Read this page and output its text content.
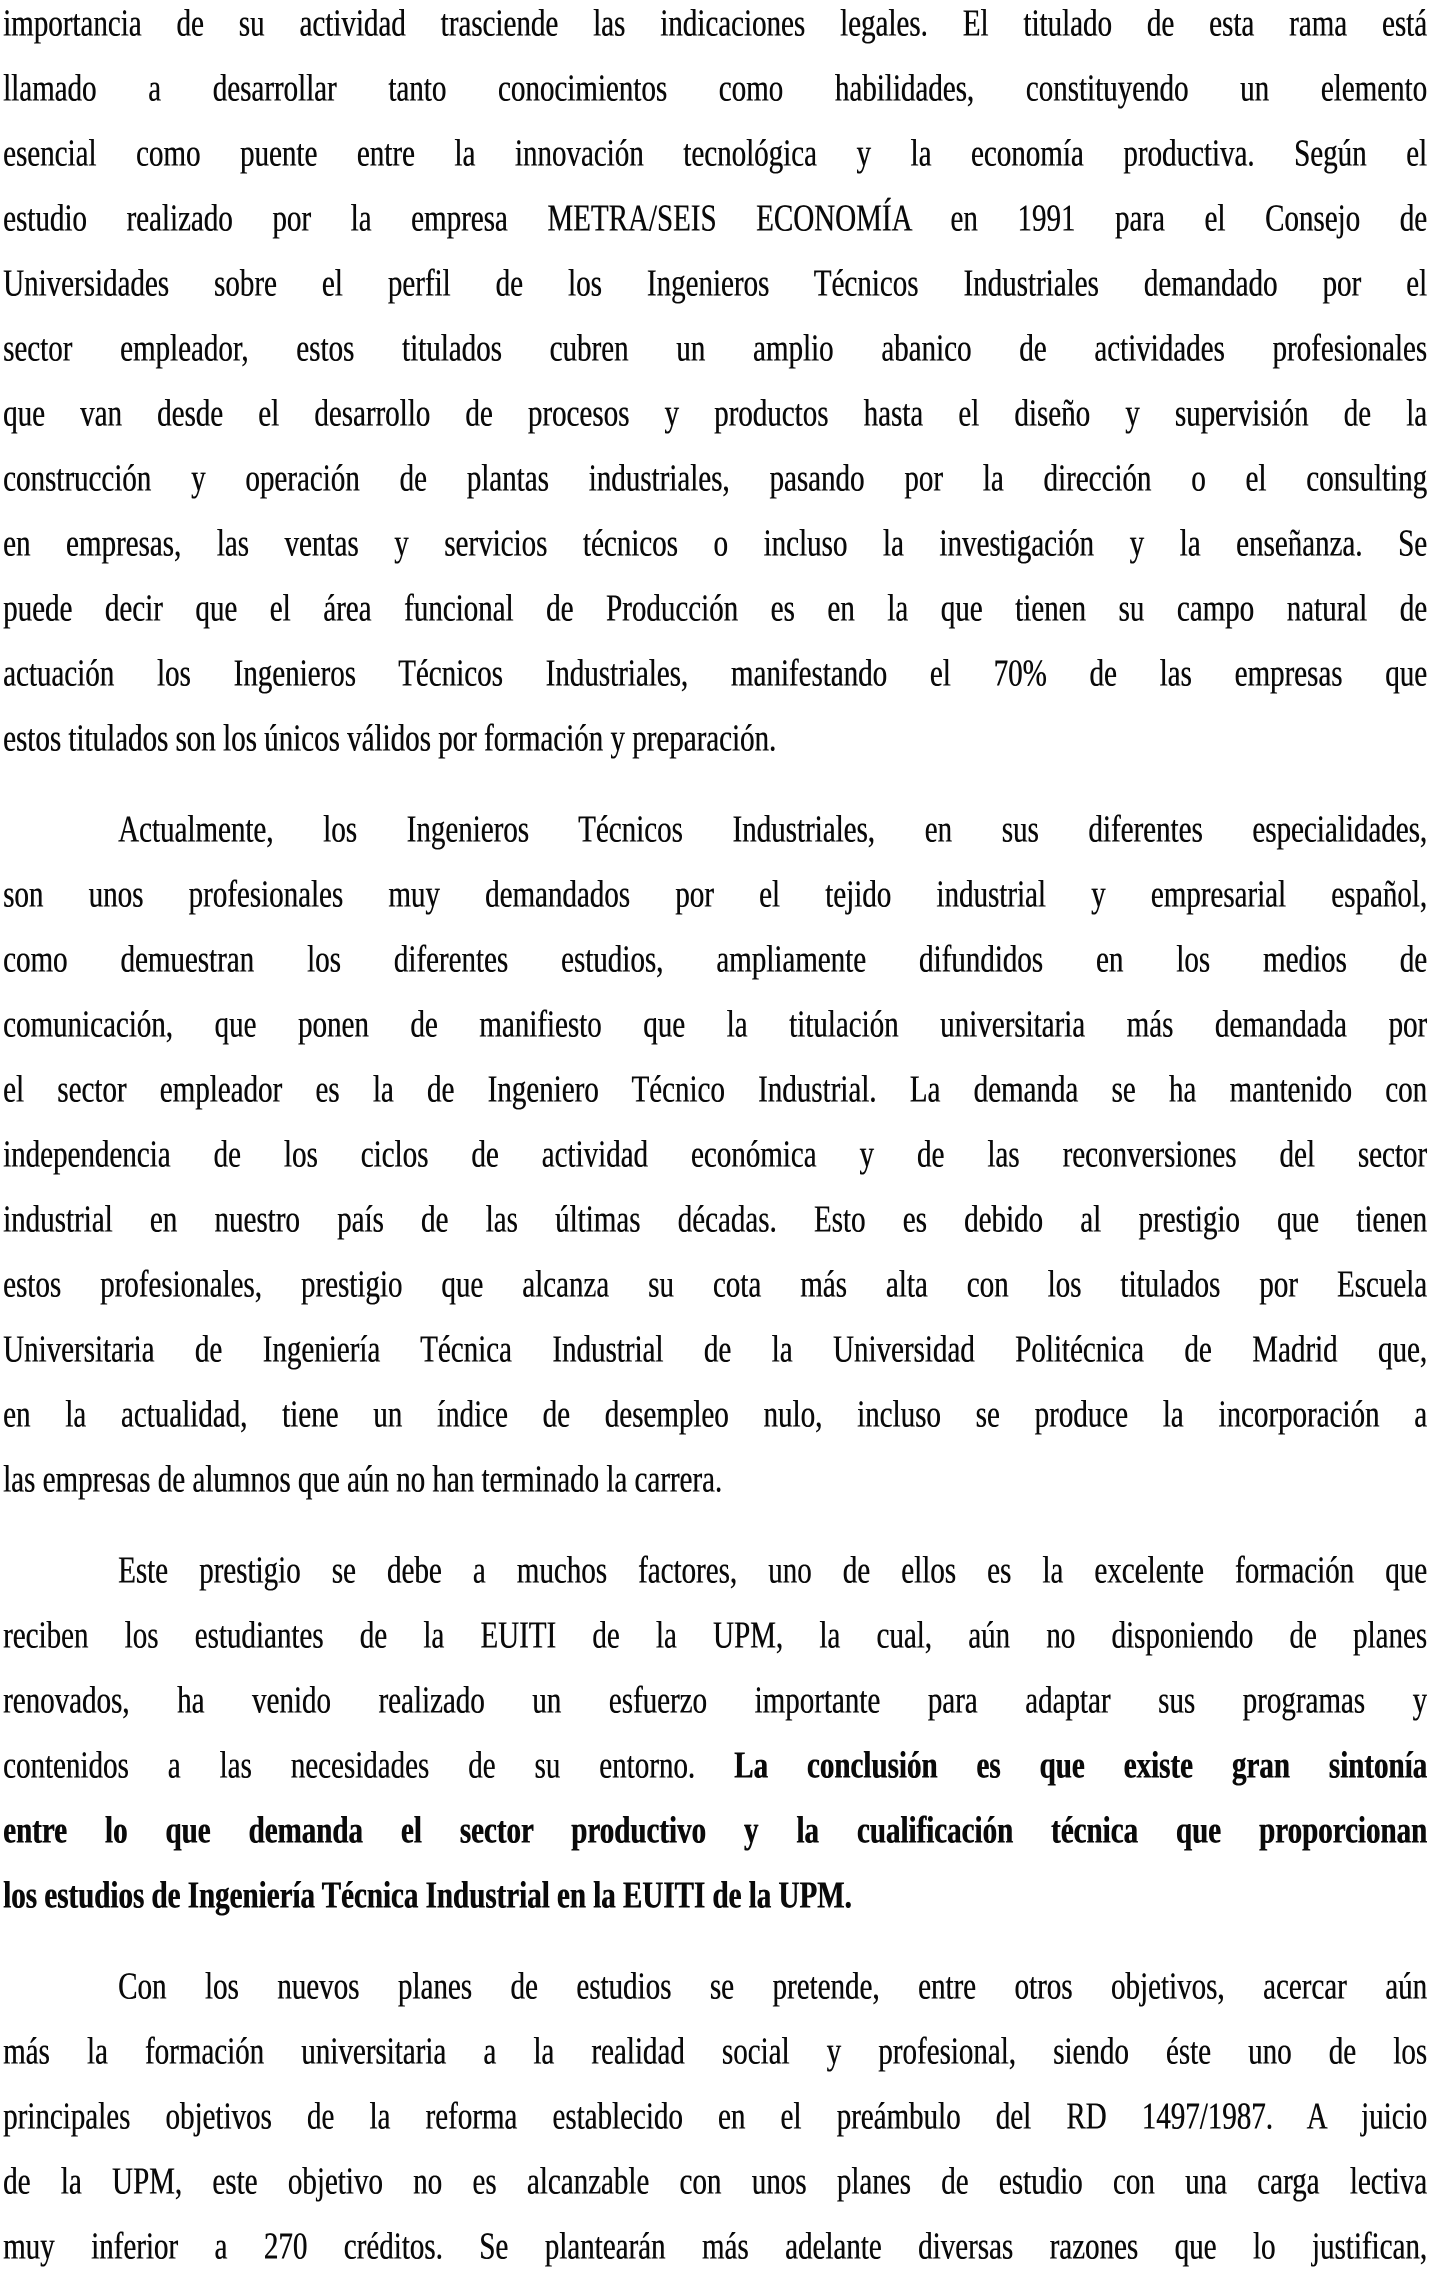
importancia de su actividad trasciende las indicaciones legales. El titulado de esta rama está
llamado a desarrollar tanto conocimientos como habilidades, constituyendo un elemento
esencial como puente entre la innovación tecnológica y la economía productiva. Según el
estudio realizado por la empresa METRA/SEIS ECONOMÍA en 1991 para el Consejo de
Universidades sobre el perfil de los Ingenieros Técnicos Industriales demandado por el
sector empleador, estos titulados cubren un amplio abanico de actividades profesionales
que van desde el desarrollo de procesos y productos hasta el diseño y supervisión de la
construcción y operación de plantas industriales, pasando por la dirección o el consulting
en empresas, las ventas y servicios técnicos o incluso la investigación y la enseñanza. Se
puede decir que el área funcional de Producción es en la que tienen su campo natural de
actuación los Ingenieros Técnicos Industriales, manifestando el 70% de las empresas que
estos titulados son los únicos válidos por formación y preparación.
Actualmente, los Ingenieros Técnicos Industriales, en sus diferentes especialidades,
son unos profesionales muy demandados por el tejido industrial y empresarial español,
como demuestran los diferentes estudios, ampliamente difundidos en los medios de
comunicación, que ponen de manifiesto que la titulación universitaria más demandada por
el sector empleador es la de Ingeniero Técnico Industrial. La demanda se ha mantenido con
independencia de los ciclos de actividad económica y de las reconversiones del sector
industrial en nuestro país de las últimas décadas. Esto es debido al prestigio que tienen
estos profesionales, prestigio que alcanza su cota más alta con los titulados por Escuela
Universitaria de Ingeniería Técnica Industrial de la Universidad Politécnica de Madrid que,
en la actualidad, tiene un índice de desempleo nulo, incluso se produce la incorporación a
las empresas de alumnos que aún no han terminado la carrera.
Este prestigio se debe a muchos factores, uno de ellos es la excelente formación que
reciben los estudiantes de la EUITI de la UPM, la cual, aún no disponiendo de planes
renovados, ha venido realizado un esfuerzo importante para adaptar sus programas y
contenidos a las necesidades de su entorno. La conclusión es que existe gran sintonía
entre lo que demanda el sector productivo y la cualificación técnica que proporcionan
los estudios de Ingeniería Técnica Industrial en la EUITI de la UPM.
Con los nuevos planes de estudios se pretende, entre otros objetivos, acercar aún
más la formación universitaria a la realidad social y profesional, siendo éste uno de los
principales objetivos de la reforma establecido en el preámbulo del RD 1497/1987. A juicio
de la UPM, este objetivo no es alcanzable con unos planes de estudio con una carga lectiva
muy inferior a 270 créditos. Se plantearán más adelante diversas razones que lo justifican,
